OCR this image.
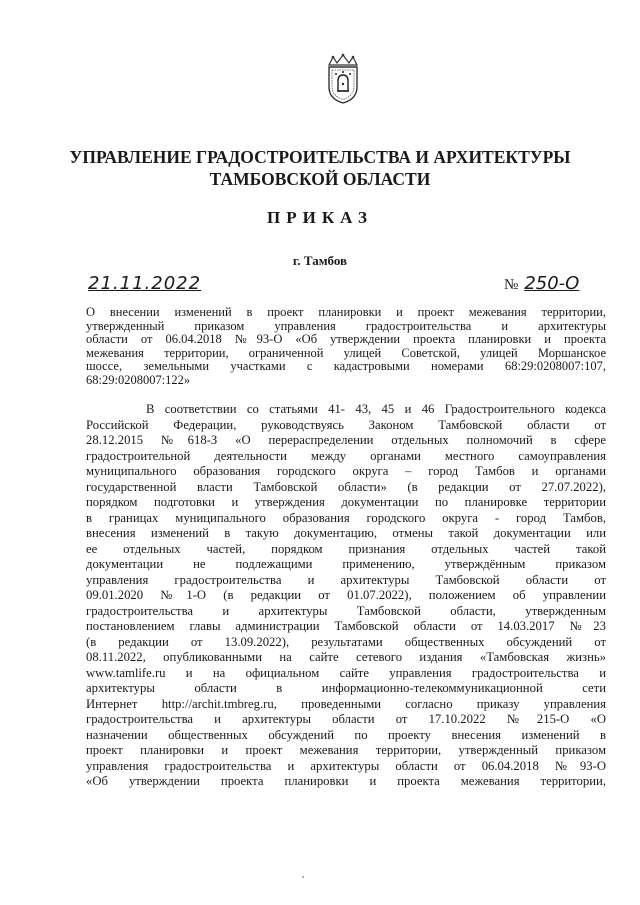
УПРАВЛЕНИЕ ГРАДОСТРОИТЕЛЬСТВА И АРХИТЕКТУРЫ
ТАМБОВСКОЙ ОБЛАСТИ
ПРИКАЗ
г. Тамбов
21.11.2022	№ 250-О
О внесении изменений в проект планировки и проект межевания территории,
утвержденный приказом управления градостроительства и архитектуры
области от 06.04.2018 №93-О «Об утверждении проекта планировки и проекта
межевания территории, ограниченной улицей Советской, улицей Моршанское
шоссе, земельными участками с кадастровыми номерами 68:29:0208007:107,
68:29:0208007:122»
В соответствии со статьями 41- 43, 45 и 46 Градостроительного кодекса
Российской Федерации, руководствуясь Законом Тамбовской области от
28.12.2015 №618-З «О перераспределении отдельных полномочий в сфере
градостроительной деятельности между органами местного самоуправления
муниципального образования городского округа – город Тамбов и органами
государственной власти Тамбовской области» (в редакции от 27.07.2022),
порядком подготовки и утверждения документации по планировке территории
в границах муниципального образования городского округа - город Тамбов,
внесения изменений в такую документацию, отмены такой документации или
ее отдельных частей, порядком признания отдельных частей такой
документации не подлежащими применению, утверждённым приказом
управления градостроительства и архитектуры Тамбовской области от
09.01.2020 №1-О (в редакции от 01.07.2022), положением об управлении
градостроительства и архитектуры Тамбовской области, утвержденным
постановлением главы администрации Тамбовской области от 14.03.2017 №23
(в редакции от 13.09.2022), результатами общественных обсуждений от
08.11.2022, опубликованными на сайте сетевого издания «Тамбовская жизнь»
www.tamlife.ru и на официальном сайте управления градостроительства и
архитектуры области в информационно-телекоммуникационной сети
Интернет http://archit.tmbreg.ru, проведенными согласно приказу управления
градостроительства и архитектуры области от 17.10.2022 №215-О «О
назначении общественных обсуждений по проекту внесения изменений в
проект планировки и проект межевания территории, утвержденный приказом
управления градостроительства и архитектуры области от 06.04.2018 №93-О
«Об утверждении проекта планировки и проекта межевания территории,
